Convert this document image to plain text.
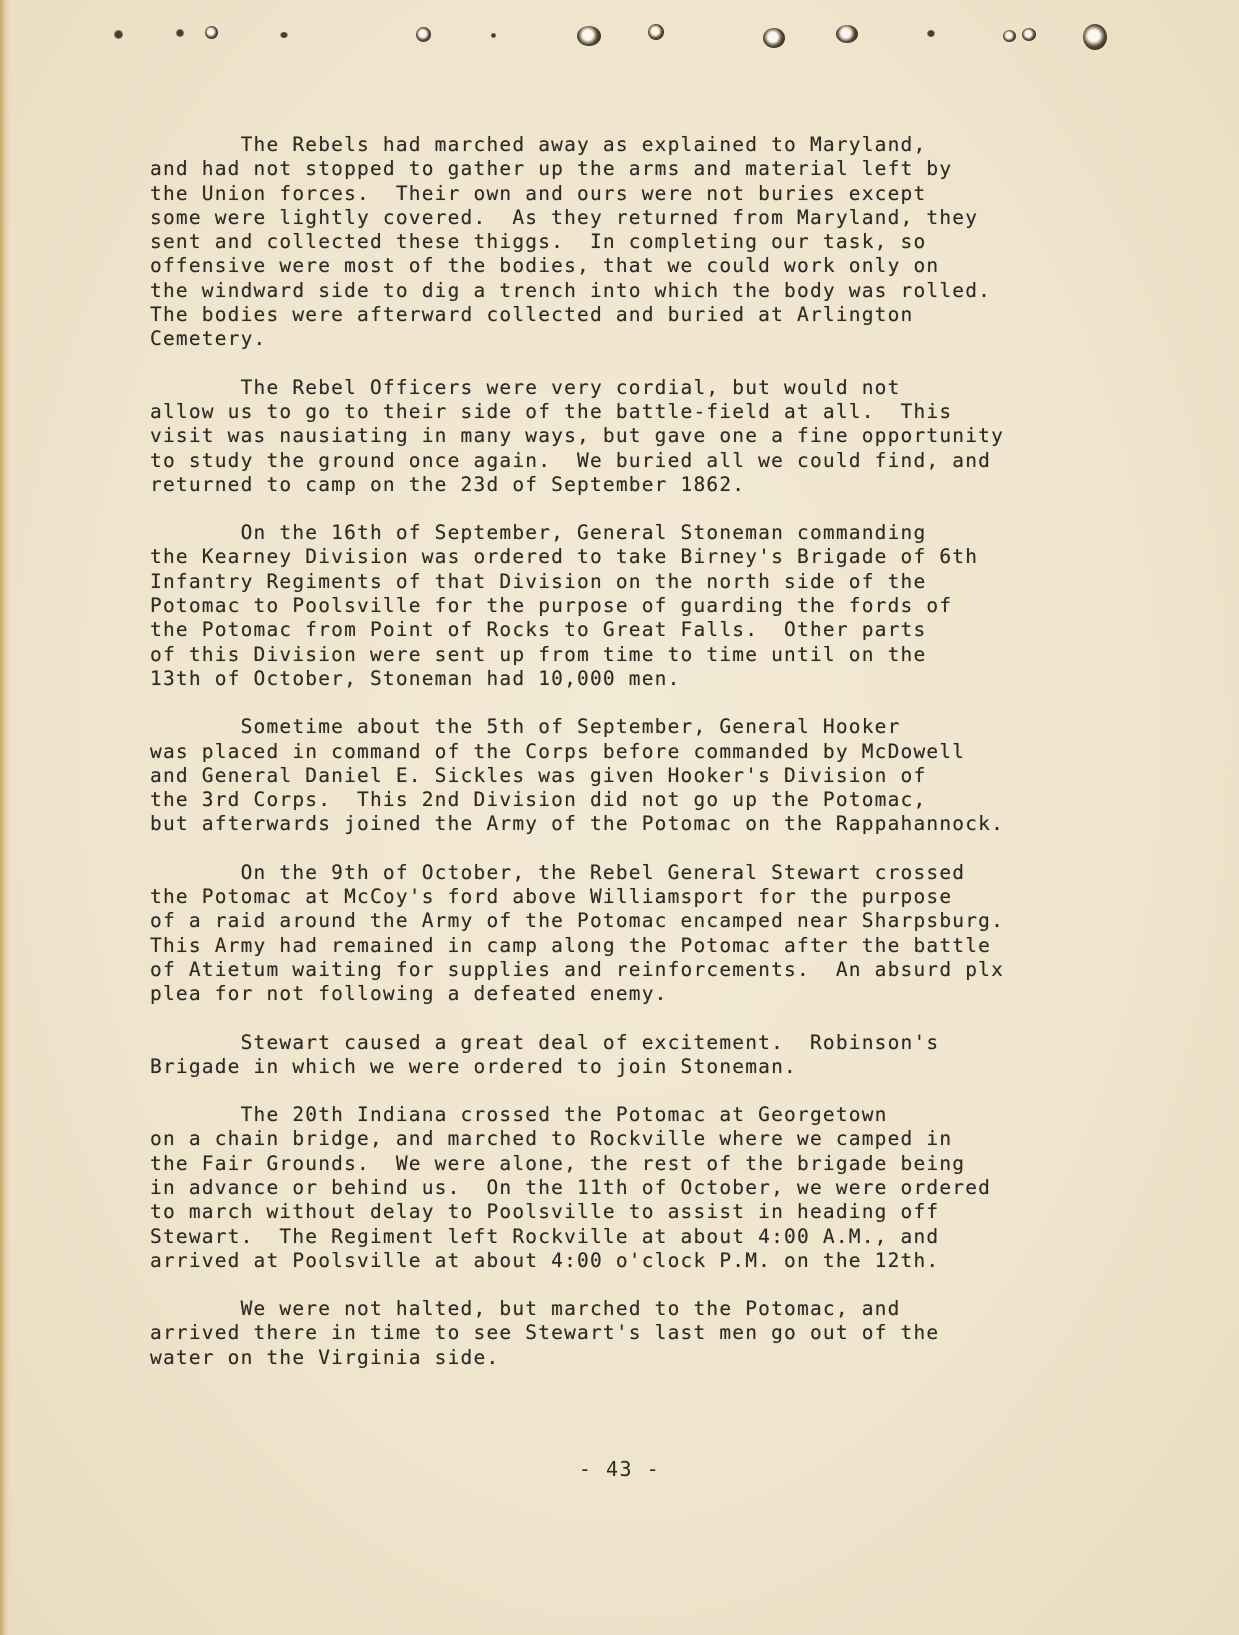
The Rebels had marched away as explained to Maryland,
and had not stopped to gather up the arms and material left by
the Union forces.  Their own and ours were not buries except
some were lightly covered.  As they returned from Maryland, they
sent and collected these thiggs.  In completing our task, so
offensive were most of the bodies, that we could work only on
the windward side to dig a trench into which the body was rolled.
The bodies were afterward collected and buried at Arlington
Cemetery.
The Rebel Officers were very cordial, but would not
allow us to go to their side of the battle-field at all.  This
visit was nausiating in many ways, but gave one a fine opportunity
to study the ground once again.  We buried all we could find, and
returned to camp on the 23d of September 1862.
On the 16th of September, General Stoneman commanding
the Kearney Division was ordered to take Birney's Brigade of 6th
Infantry Regiments of that Division on the north side of the
Potomac to Poolsville for the purpose of guarding the fords of
the Potomac from Point of Rocks to Great Falls.  Other parts
of this Division were sent up from time to time until on the
13th of October, Stoneman had 10,000 men.
Sometime about the 5th of September, General Hooker
was placed in command of the Corps before commanded by McDowell
and General Daniel E. Sickles was given Hooker's Division of
the 3rd Corps.  This 2nd Division did not go up the Potomac,
but afterwards joined the Army of the Potomac on the Rappahannock.
On the 9th of October, the Rebel General Stewart crossed
the Potomac at McCoy's ford above Williamsport for the purpose
of a raid around the Army of the Potomac encamped near Sharpsburg.
This Army had remained in camp along the Potomac after the battle
of Atietum waiting for supplies and reinforcements.  An absurd plx
plea for not following a defeated enemy.
Stewart caused a great deal of excitement.  Robinson's
Brigade in which we were ordered to join Stoneman.
The 20th Indiana crossed the Potomac at Georgetown
on a chain bridge, and marched to Rockville where we camped in
the Fair Grounds.  We were alone, the rest of the brigade being
in advance or behind us.  On the 11th of October, we were ordered
to march without delay to Poolsville to assist in heading off
Stewart.  The Regiment left Rockville at about 4:00 A.M., and
arrived at Poolsville at about 4:00 o'clock P.M. on the 12th.
We were not halted, but marched to the Potomac, and
arrived there in time to see Stewart's last men go out of the
water on the Virginia side.
- 43 -
